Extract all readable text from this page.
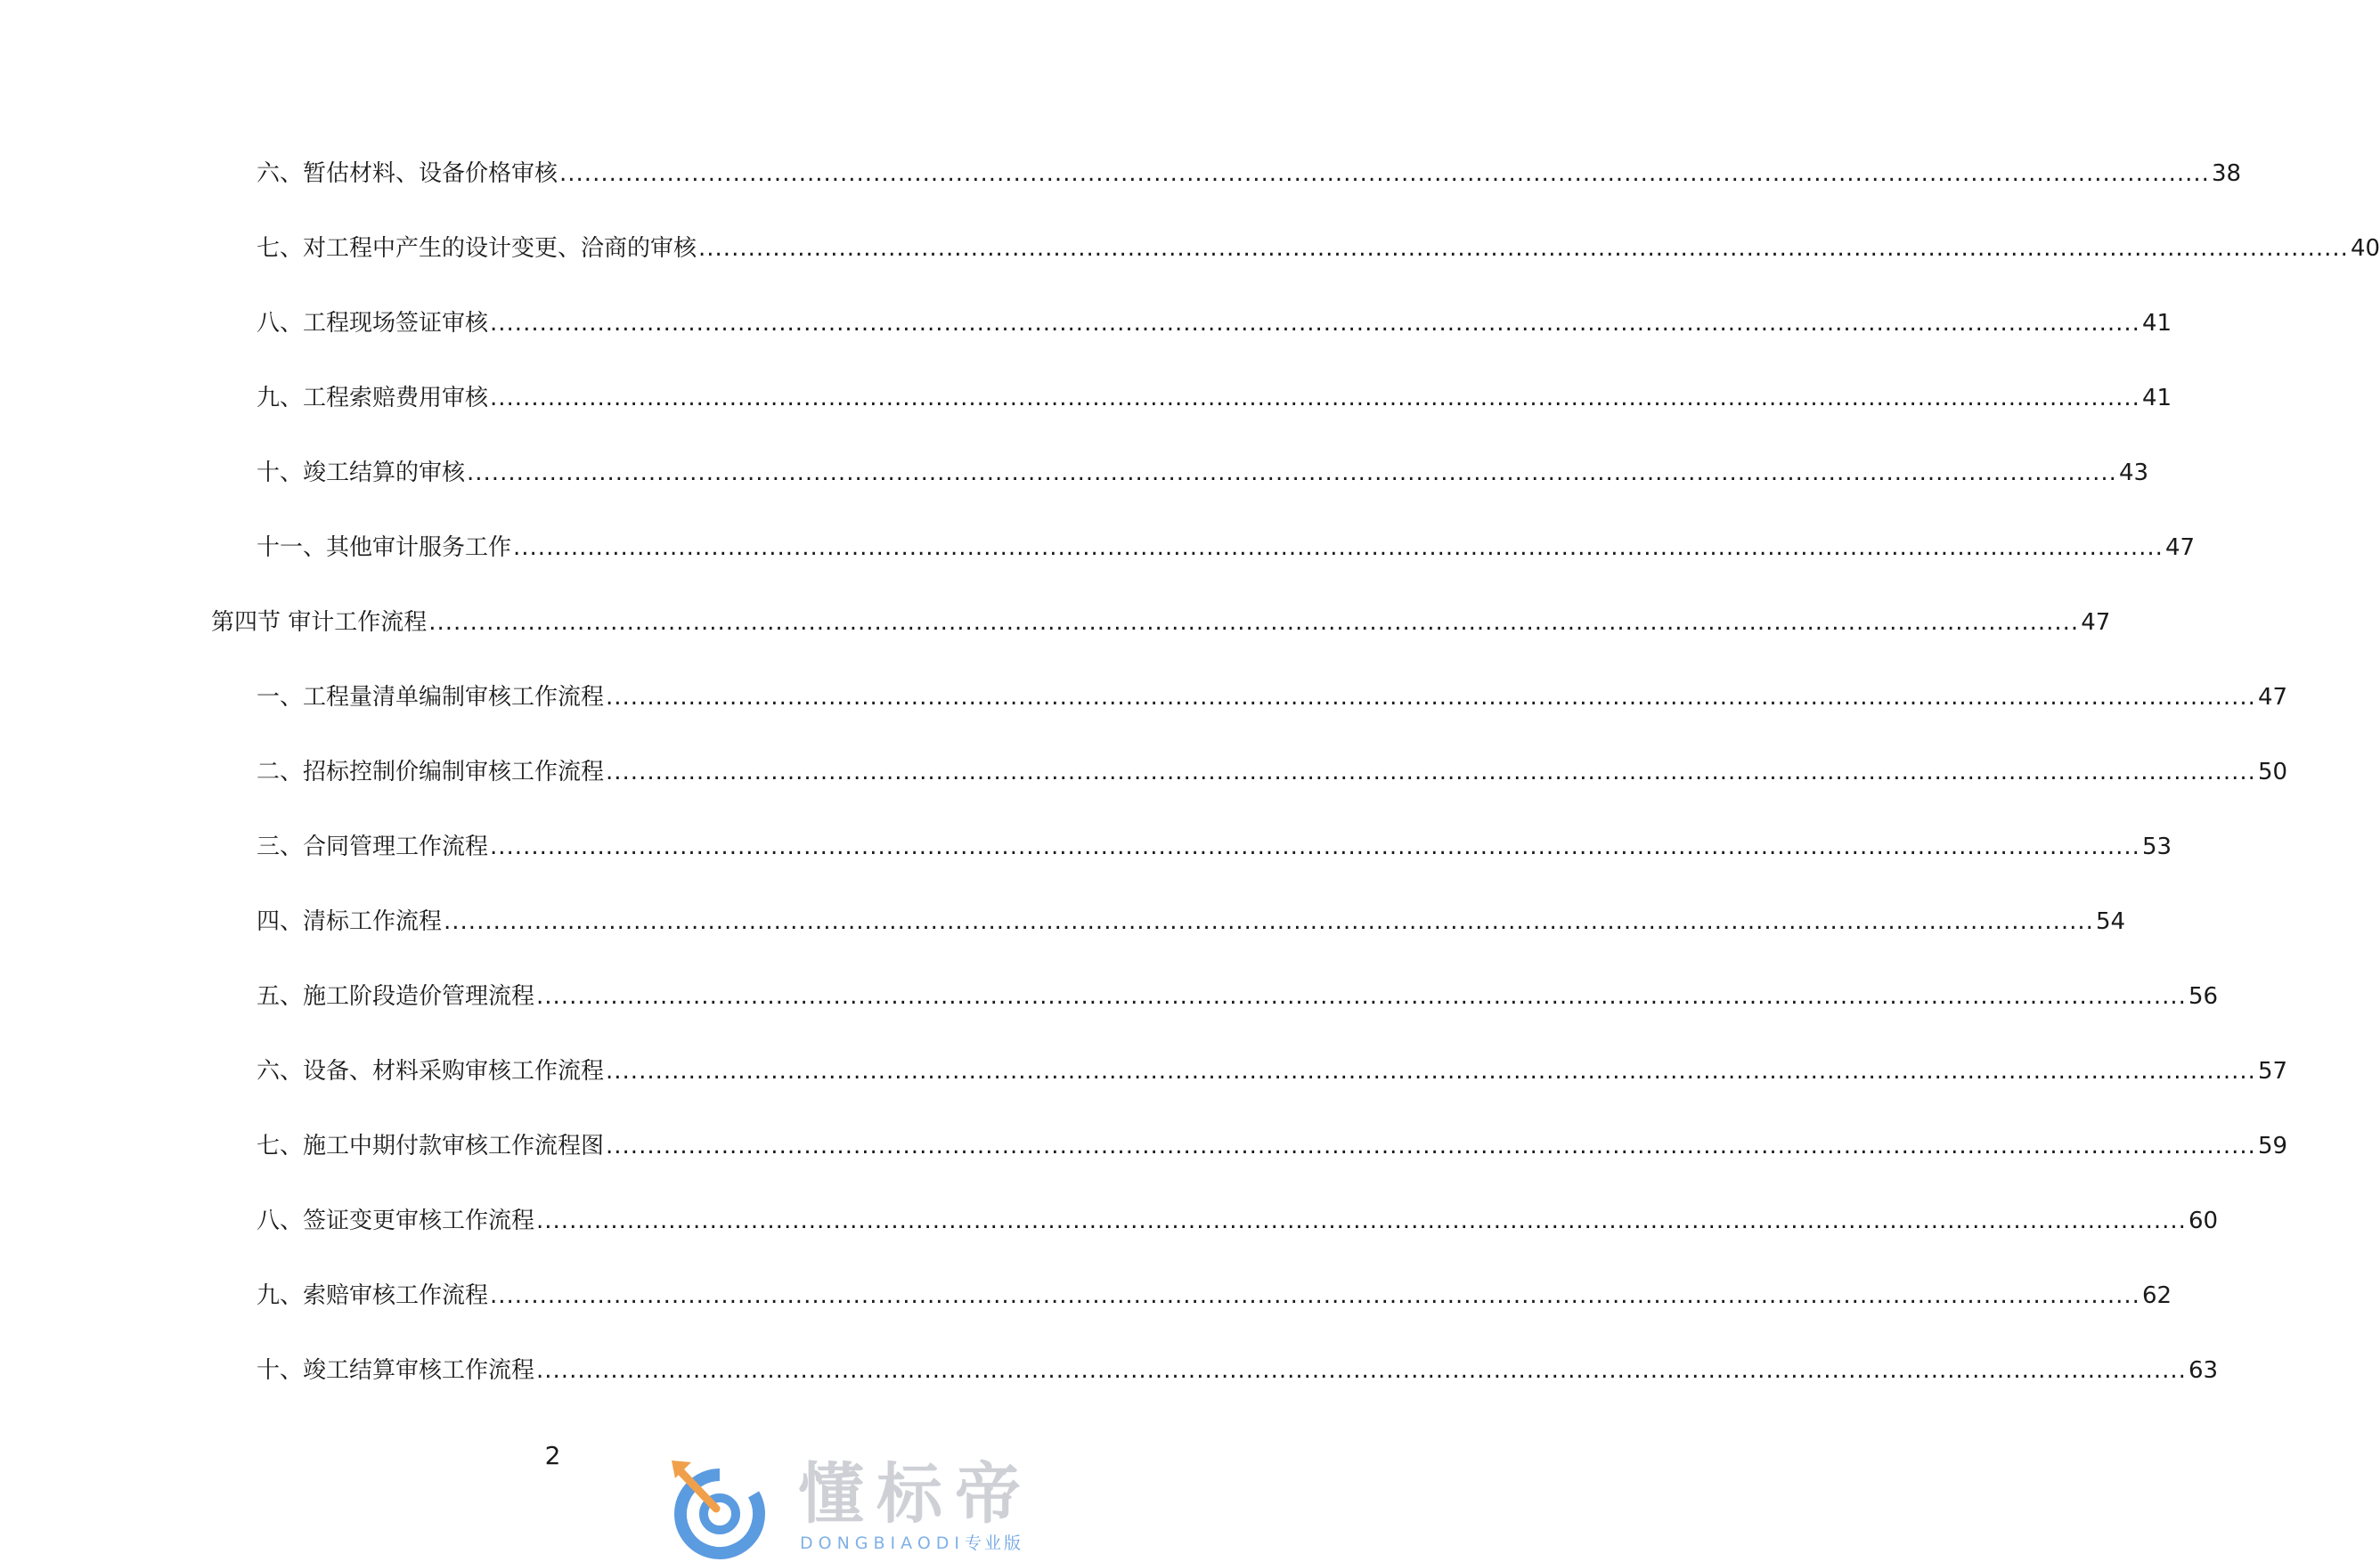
六、暂估材料、设备价格审核 ........................................................................................................................................................................................................ 38
七、对工程中产生的设计变更、洽商的审核 ........................................................................................................................................................................................................ 40
八、工程现场签证审核 ........................................................................................................................................................................................................ 41
九、工程索赔费用审核 ........................................................................................................................................................................................................ 41
十、竣工结算的审核 ........................................................................................................................................................................................................ 43
十一、其他审计服务工作 ........................................................................................................................................................................................................ 47
第四节 审计工作流程 ........................................................................................................................................................................................................ 47
一、工程量清单编制审核工作流程 ........................................................................................................................................................................................................ 47
二、招标控制价编制审核工作流程 ........................................................................................................................................................................................................ 50
三、合同管理工作流程 ........................................................................................................................................................................................................ 53
四、清标工作流程 ........................................................................................................................................................................................................ 54
五、施工阶段造价管理流程 ........................................................................................................................................................................................................ 56
六、设备、材料采购审核工作流程 ........................................................................................................................................................................................................ 57
七、施工中期付款审核工作流程图 ........................................................................................................................................................................................................ 59
八、签证变更审核工作流程 ........................................................................................................................................................................................................ 60
九、索赔审核工作流程 ........................................................................................................................................................................................................ 62
十、竣工结算审核工作流程 ........................................................................................................................................................................................................ 63
2
懂标帝
DONGBIAODI专业版
